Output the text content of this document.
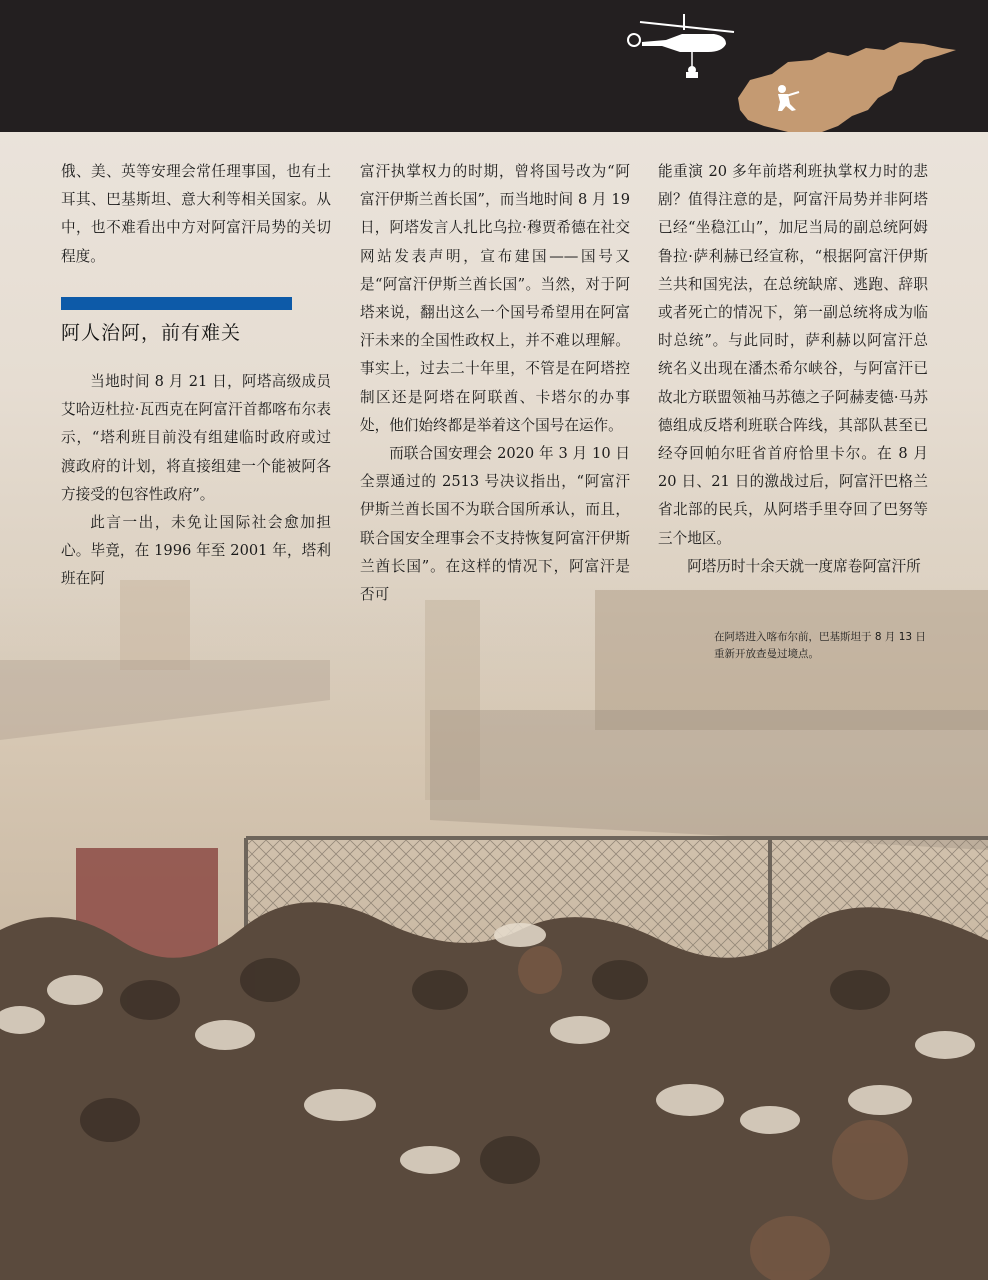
俄、美、英等安理会常任理事国，也有土耳其、巴基斯坦、意大利等相关国家。从中，也不难看出中方对阿富汗局势的关切程度。

阿人治阿，前有难关

当地时间 8 月 21 日，阿塔高级成员艾哈迈杜拉·瓦西克在阿富汗首都喀布尔表示，“塔利班目前没有组建临时政府或过渡政府的计划，将直接组建一个能被阿各方接受的包容性政府”。

此言一出，未免让国际社会愈加担心。毕竟，在 1996 年至 2001 年，塔利班在阿

富汗执掌权力的时期，曾将国号改为“阿富汗伊斯兰酋长国”，而当地时间 8 月 19 日，阿塔发言人扎比乌拉·穆贾希德在社交网站发表声明，宣布建国——国号又是“阿富汗伊斯兰酋长国”。当然，对于阿塔来说，翻出这么一个国号希望用在阿富汗未来的全国性政权上，并不难以理解。事实上，过去二十年里，不管是在阿塔控制区还是阿塔在阿联酋、卡塔尔的办事处，他们始终都是举着这个国号在运作。

而联合国安理会 2020 年 3 月 10 日全票通过的 2513 号决议指出，“阿富汗伊斯兰酋长国不为联合国所承认，而且，联合国安全理事会不支持恢复阿富汗伊斯兰酋长国”。在这样的情况下，阿富汗是否可

能重演 20 多年前塔利班执掌权力时的悲剧？值得注意的是，阿富汗局势并非阿塔已经“坐稳江山”，加尼当局的副总统阿姆鲁拉·萨利赫已经宣称，“根据阿富汗伊斯兰共和国宪法，在总统缺席、逃跑、辞职或者死亡的情况下，第一副总统将成为临时总统”。与此同时，萨利赫以阿富汗总统名义出现在潘杰希尔峡谷，与阿富汗已故北方联盟领袖马苏德之子阿赫麦德·马苏德组成反塔利班联合阵线，其部队甚至已经夺回帕尔旺省首府恰里卡尔。在 8 月 20 日、21 日的激战过后，阿富汗巴格兰省北部的民兵，从阿塔手里夺回了巴努等三个地区。

阿塔历时十余天就一度席卷阿富汗所

在阿塔进入喀布尔前，巴基斯坦于 8 月 13 日重新开放查曼过境点。
